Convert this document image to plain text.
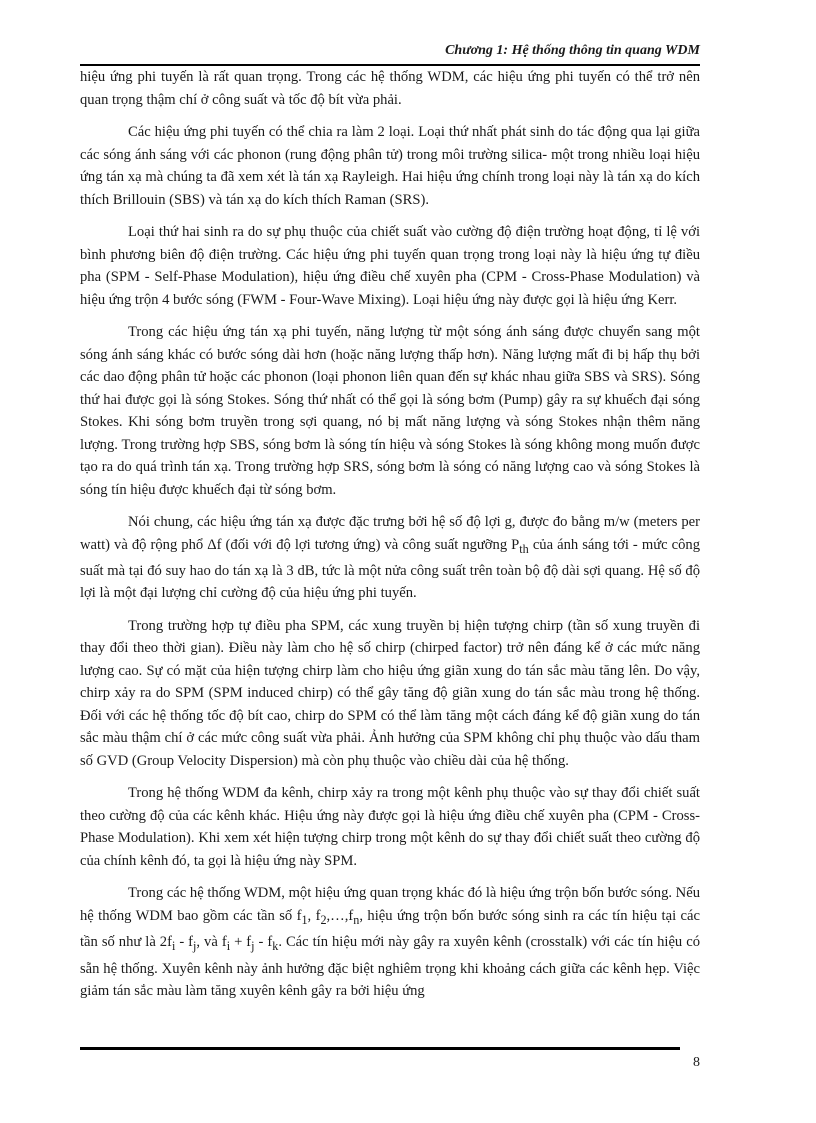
Chương 1: Hệ thống thông tin quang WDM

hiệu ứng phi tuyến là rất quan trọng. Trong các hệ thống WDM, các hiệu ứng phi tuyến có thể trở nên quan trọng thậm chí ở công suất và tốc độ bít vừa phải.

Các hiệu ứng phi tuyến có thể chia ra làm 2 loại. Loại thứ nhất phát sinh do tác động qua lại giữa các sóng ánh sáng với các phonon (rung động phân tử) trong môi trường silica- một trong nhiều loại hiệu ứng tán xạ mà chúng ta đã xem xét là tán xạ Rayleigh. Hai hiệu ứng chính trong loại này là tán xạ do kích thích Brillouin (SBS) và tán xạ do kích thích Raman (SRS).

Loại thứ hai sinh ra do sự phụ thuộc của chiết suất vào cường độ điện trường hoạt động, tỉ lệ với bình phương biên độ điện trường. Các hiệu ứng phi tuyến quan trọng trong loại này là hiệu ứng tự điều pha (SPM - Self-Phase Modulation), hiệu ứng điều chế xuyên pha (CPM - Cross-Phase Modulation) và hiệu ứng trộn 4 bước sóng (FWM - Four-Wave Mixing). Loại hiệu ứng này được gọi là hiệu ứng Kerr.

Trong các hiệu ứng tán xạ phi tuyến, năng lượng từ một sóng ánh sáng được chuyển sang một sóng ánh sáng khác có bước sóng dài hơn (hoặc năng lượng thấp hơn). Năng lượng mất đi bị hấp thụ bởi các dao động phân tử hoặc các phonon (loại phonon liên quan đến sự khác nhau giữa SBS và SRS). Sóng thứ hai được gọi là sóng Stokes. Sóng thứ nhất có thể gọi là sóng bơm (Pump) gây ra sự khuếch đại sóng Stokes. Khi sóng bơm truyền trong sợi quang, nó bị mất năng lượng và sóng Stokes nhận thêm năng lượng. Trong trường hợp SBS, sóng bơm là sóng tín hiệu và sóng Stokes là sóng không mong muốn được tạo ra do quá trình tán xạ. Trong trường hợp SRS, sóng bơm là sóng có năng lượng cao và sóng Stokes là sóng tín hiệu được khuếch đại từ sóng bơm.

Nói chung, các hiệu ứng tán xạ được đặc trưng bởi hệ số độ lợi g, được đo bằng m/w (meters per watt) và độ rộng phổ Δf (đối với độ lợi tương ứng) và công suất ngưỡng $P_{th}$ của ánh sáng tới - mức công suất mà tại đó suy hao do tán xạ là 3 dB, tức là một nửa công suất trên toàn bộ độ dài sợi quang. Hệ số độ lợi là một đại lượng chỉ cường độ của hiệu ứng phi tuyến.

Trong trường hợp tự điều pha SPM, các xung truyền bị hiện tượng chirp (tần số xung truyền đi thay đổi theo thời gian). Điều này làm cho hệ số chirp (chirped factor) trở nên đáng kể ở các mức năng lượng cao. Sự có mặt của hiện tượng chirp làm cho hiệu ứng giãn xung do tán sắc màu tăng lên. Do vậy, chirp xảy ra do SPM (SPM induced chirp) có thể gây tăng độ giãn xung do tán sắc màu trong hệ thống. Đối với các hệ thống tốc độ bít cao, chirp do SPM có thể làm tăng một cách đáng kể độ giãn xung do tán sắc màu thậm chí ở các mức công suất vừa phải. Ảnh hưởng của SPM không chỉ phụ thuộc vào dấu tham số GVD (Group Velocity Dispersion) mà còn phụ thuộc vào chiều dài của hệ thống.

Trong hệ thống WDM đa kênh, chirp xảy ra trong một kênh phụ thuộc vào sự thay đổi chiết suất theo cường độ của các kênh khác. Hiệu ứng này được gọi là hiệu ứng điều chế xuyên pha (CPM - Cross-Phase Modulation). Khi xem xét hiện tượng chirp trong một kênh do sự thay đổi chiết suất theo cường độ của chính kênh đó, ta gọi là hiệu ứng này SPM.

Trong các hệ thống WDM, một hiệu ứng quan trọng khác đó là hiệu ứng trộn bốn bước sóng. Nếu hệ thống WDM bao gồm các tần số $f_1$, $f_2,\dots,f_n$, hiệu ứng trộn bốn bước sóng sinh ra các tín hiệu tại các tần số như là $2f_i - f_j$, và $f_i + f_j - f_k$. Các tín hiệu mới này gây ra xuyên kênh (crosstalk) với các tín hiệu có sẵn hệ thống. Xuyên kênh này ảnh hưởng đặc biệt nghiêm trọng khi khoảng cách giữa các kênh hẹp. Việc giảm tán sắc màu làm tăng xuyên kênh gây ra bởi hiệu ứng

8
